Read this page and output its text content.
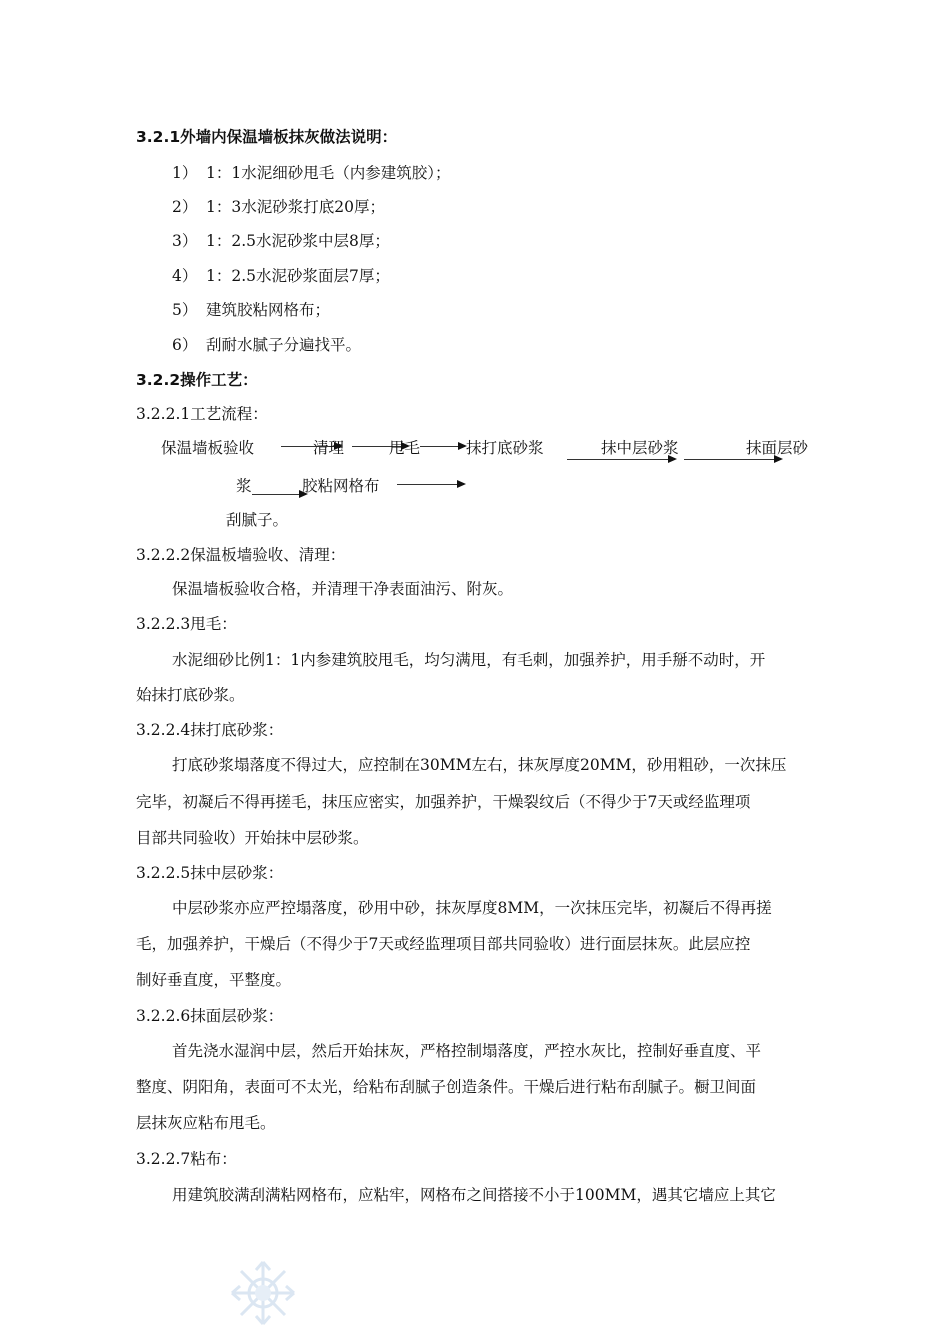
3.2.1外墙内保温墙板抹灰做法说明：
1） 1：1水泥细砂甩毛（内参建筑胶）；
2） 1：3水泥砂浆打底20厚；
3） 1：2.5水泥砂浆中层8厚；
4） 1：2.5水泥砂浆面层7厚；
5） 建筑胶粘网格布；
6） 刮耐水腻子分遍找平。
3.2.2操作工艺：
3.2.2.1工艺流程：
保温墙板验收	清理	甩毛	抹打底砂浆	抹中层砂浆	抹面层砂
浆	胶粘网格布
刮腻子。
3.2.2.2保温板墙验收、清理：
保温墙板验收合格，并清理干净表面油污、附灰。
3.2.2.3甩毛：
水泥细砂比例1：1内参建筑胶甩毛，均匀满甩，有毛刺，加强养护，用手掰不动时，开
始抹打底砂浆。
3.2.2.4抹打底砂浆：
打底砂浆塌落度不得过大，应控制在30MM左右，抹灰厚度20MM，砂用粗砂，一次抹压
完毕，初凝后不得再搓毛，抹压应密实，加强养护，干燥裂纹后（不得少于7天或经监理项
目部共同验收）开始抹中层砂浆。
3.2.2.5抹中层砂浆：
中层砂浆亦应严控塌落度，砂用中砂，抹灰厚度8MM，一次抹压完毕，初凝后不得再搓
毛，加强养护，干燥后（不得少于7天或经监理项目部共同验收）进行面层抹灰。此层应控
制好垂直度，平整度。
3.2.2.6抹面层砂浆：
首先浇水湿润中层，然后开始抹灰，严格控制塌落度，严控水灰比，控制好垂直度、平
整度、阴阳角，表面可不太光，给粘布刮腻子创造条件。干燥后进行粘布刮腻子。橱卫间面
层抹灰应粘布甩毛。
3.2.2.7粘布：
用建筑胶满刮满粘网格布，应粘牢，网格布之间搭接不小于100MM，遇其它墙应上其它
